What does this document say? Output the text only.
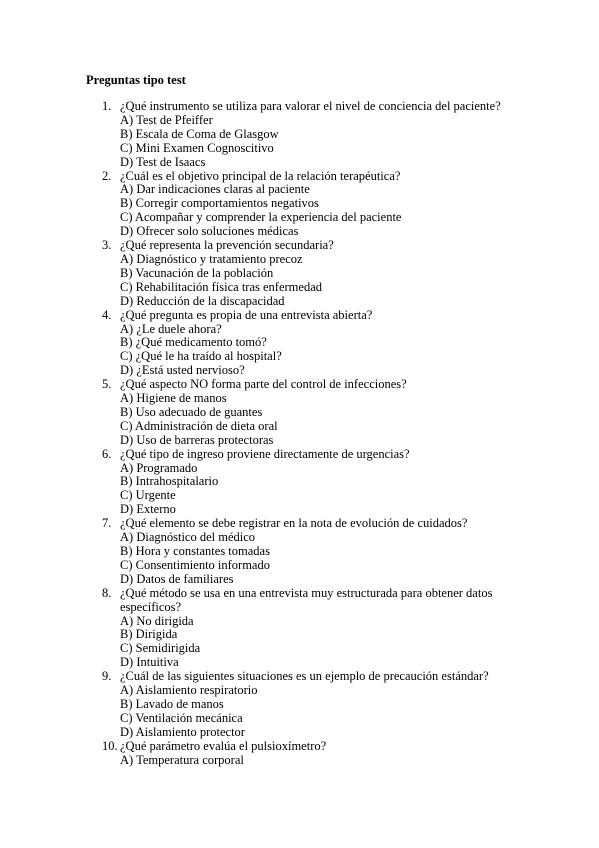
Preguntas tipo test
1. ¿Qué instrumento se utiliza para valorar el nivel de conciencia del paciente?
A) Test de Pfeiffer
B) Escala de Coma de Glasgow
C) Mini Examen Cognoscitivo
D) Test de Isaacs
2. ¿Cuál es el objetivo principal de la relación terapéutica?
A) Dar indicaciones claras al paciente
B) Corregir comportamientos negativos
C) Acompañar y comprender la experiencia del paciente
D) Ofrecer solo soluciones médicas
3. ¿Qué representa la prevención secundaria?
A) Diagnóstico y tratamiento precoz
B) Vacunación de la población
C) Rehabilitación física tras enfermedad
D) Reducción de la discapacidad
4. ¿Qué pregunta es propia de una entrevista abierta?
A) ¿Le duele ahora?
B) ¿Qué medicamento tomó?
C) ¿Qué le ha traído al hospital?
D) ¿Está usted nervioso?
5. ¿Qué aspecto NO forma parte del control de infecciones?
A) Higiene de manos
B) Uso adecuado de guantes
C) Administración de dieta oral
D) Uso de barreras protectoras
6. ¿Qué tipo de ingreso proviene directamente de urgencias?
A) Programado
B) Intrahospitalario
C) Urgente
D) Externo
7. ¿Qué elemento se debe registrar en la nota de evolución de cuidados?
A) Diagnóstico del médico
B) Hora y constantes tomadas
C) Consentimiento informado
D) Datos de familiares
8. ¿Qué método se usa en una entrevista muy estructurada para obtener datos específicos?
A) No dirigida
B) Dirigida
C) Semidirigida
D) Intuitiva
9. ¿Cuál de las siguientes situaciones es un ejemplo de precaución estándar?
A) Aislamiento respiratorio
B) Lavado de manos
C) Ventilación mecánica
D) Aislamiento protector
10. ¿Qué parámetro evalúa el pulsioxímetro?
A) Temperatura corporal
